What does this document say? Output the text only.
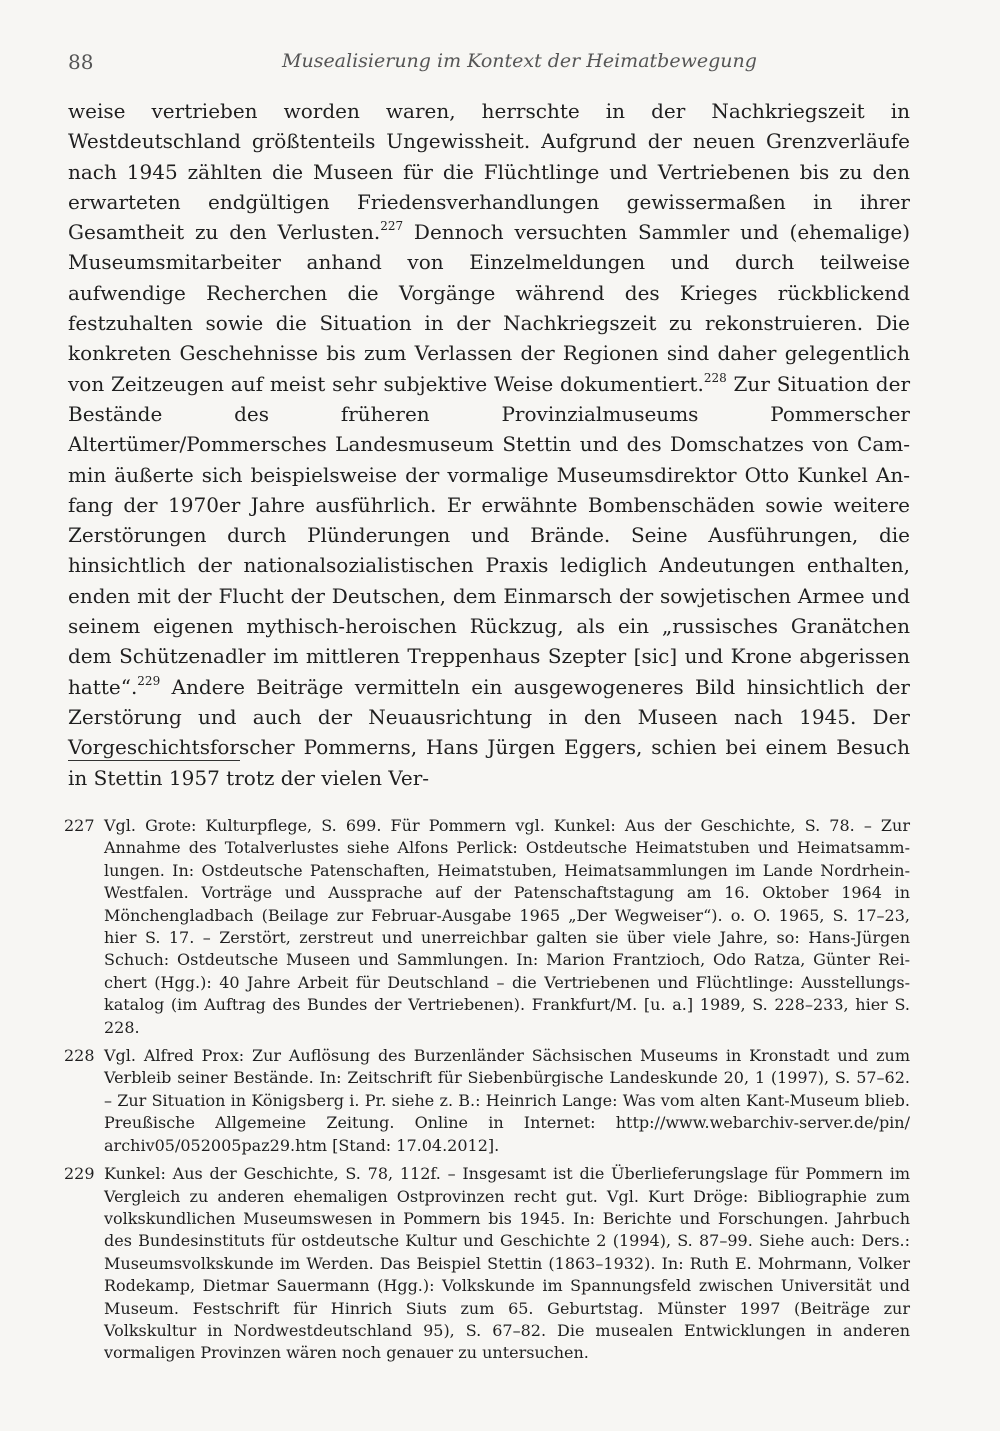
88	Musealisierung im Kontext der Heimatbewegung

weise vertrieben worden waren, herrschte in der Nachkriegszeit in Westdeutschland größtenteils Ungewissheit. Aufgrund der neuen Grenzverläufe nach 1945 zählten die Museen für die Flüchtlinge und Vertriebenen bis zu den erwarteten endgültigen Friedensverhandlungen gewissermaßen in ihrer Gesamtheit zu den Verlusten.$^{227}$ Dennoch versuchten Sammler und (ehemalige) Museumsmitarbeiter anhand von Einzelmeldungen und durch teilweise aufwendige Recherchen die Vorgänge während des Krieges rückblickend festzuhalten sowie die Situation in der Nachkriegszeit zu rekonstruieren. Die konkreten Geschehnisse bis zum Verlassen der Regionen sind daher gelegentlich von Zeitzeugen auf meist sehr subjektive Weise dokumentiert.$^{228}$ Zur Situation der Bestände des früheren Provinzialmuseums Pommerscher Altertümer/Pommersches Landesmuseum Stettin und des Domschatzes von Cammin äußerte sich beispielsweise der vormalige Museumsdirektor Otto Kunkel Anfang der 1970er Jahre ausführlich. Er erwähnte Bombenschäden sowie weitere Zerstörungen durch Plünderungen und Brände. Seine Ausführungen, die hinsichtlich der nationalsozialistischen Praxis lediglich Andeutungen enthalten, enden mit der Flucht der Deutschen, dem Einmarsch der sowjetischen Armee und seinem eigenen mythisch-heroischen Rückzug, als ein „russisches Granätchen dem Schützenadler im mittleren Treppenhaus Szepter [sic] und Krone abgerissen hatte“.$^{229}$ Andere Beiträge vermitteln ein ausgewogeneres Bild hinsichtlich der Zerstörung und auch der Neuausrichtung in den Museen nach 1945. Der Vorgeschichtsforscher Pommerns, Hans Jürgen Eggers, schien bei einem Besuch in Stettin 1957 trotz der vielen Ver-

227 Vgl. Grote: Kulturpflege, S. 699. Für Pommern vgl. Kunkel: Aus der Geschichte, S. 78. – Zur Annahme des Totalverlustes siehe Alfons Perlick: Ostdeutsche Heimatstuben und Heimatsammlungen. In: Ostdeutsche Patenschaften, Heimatstuben, Heimatsammlungen im Lande Nordrhein-Westfalen. Vorträge und Aussprache auf der Patenschaftstagung am 16. Oktober 1964 in Mönchengladbach (Beilage zur Februar-Ausgabe 1965 „Der Wegweiser“). o. O. 1965, S. 17–23, hier S. 17. – Zerstört, zerstreut und unerreichbar galten sie über viele Jahre, so: Hans-Jürgen Schuch: Ostdeutsche Museen und Sammlungen. In: Marion Frantzioch, Odo Ratza, Günter Reichert (Hgg.): 40 Jahre Arbeit für Deutschland – die Vertriebenen und Flüchtlinge: Ausstellungskatalog (im Auftrag des Bundes der Vertriebenen). Frankfurt/M. [u. a.] 1989, S. 228–233, hier S. 228.
228 Vgl. Alfred Prox: Zur Auflösung des Burzenländer Sächsischen Museums in Kronstadt und zum Verbleib seiner Bestände. In: Zeitschrift für Siebenbürgische Landeskunde 20, 1 (1997), S. 57–62. – Zur Situation in Königsberg i. Pr. siehe z. B.: Heinrich Lange: Was vom alten Kant-Museum blieb. Preußische Allgemeine Zeitung. Online in Internet: http://www.webarchiv-server.de/pin/ archiv05/052005paz29.htm [Stand: 17.04.2012].
229 Kunkel: Aus der Geschichte, S. 78, 112f. – Insgesamt ist die Überlieferungslage für Pommern im Vergleich zu anderen ehemaligen Ostprovinzen recht gut. Vgl. Kurt Dröge: Bibliographie zum volkskundlichen Museumswesen in Pommern bis 1945. In: Berichte und Forschungen. Jahrbuch des Bundesinstituts für ostdeutsche Kultur und Geschichte 2 (1994), S. 87–99. Siehe auch: Ders.: Museumsvolkskunde im Werden. Das Beispiel Stettin (1863–1932). In: Ruth E. Mohrmann, Volker Rodekamp, Dietmar Sauermann (Hgg.): Volkskunde im Spannungsfeld zwischen Universität und Museum. Festschrift für Hinrich Siuts zum 65. Geburtstag. Münster 1997 (Beiträge zur Volkskultur in Nordwestdeutschland 95), S. 67–82. Die musealen Entwicklungen in anderen vormaligen Provinzen wären noch genauer zu untersuchen.
